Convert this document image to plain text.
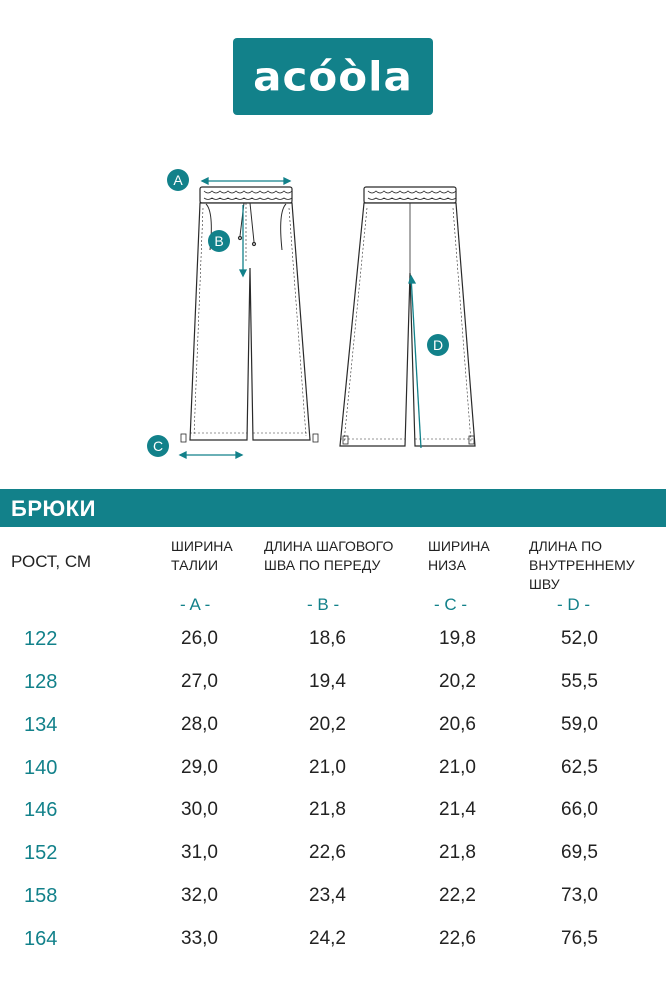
acóòla
A
B
C
D
БРЮКИ
РОСТ, СМ
ШИРИНА
ТАЛИИ
ДЛИНА ШАГОВОГО
ШВА ПО ПЕРЕДУ
ШИРИНА
НИЗА
ДЛИНА ПО
ВНУТРЕННЕМУ ШВУ
- A -	- B -	- C -	- D -
122	26,0	18,6	19,8	52,0
128	27,0	19,4	20,2	55,5
134	28,0	20,2	20,6	59,0
140	29,0	21,0	21,0	62,5
146	30,0	21,8	21,4	66,0
152	31,0	22,6	21,8	69,5
158	32,0	23,4	22,2	73,0
164	33,0	24,2	22,6	76,5
